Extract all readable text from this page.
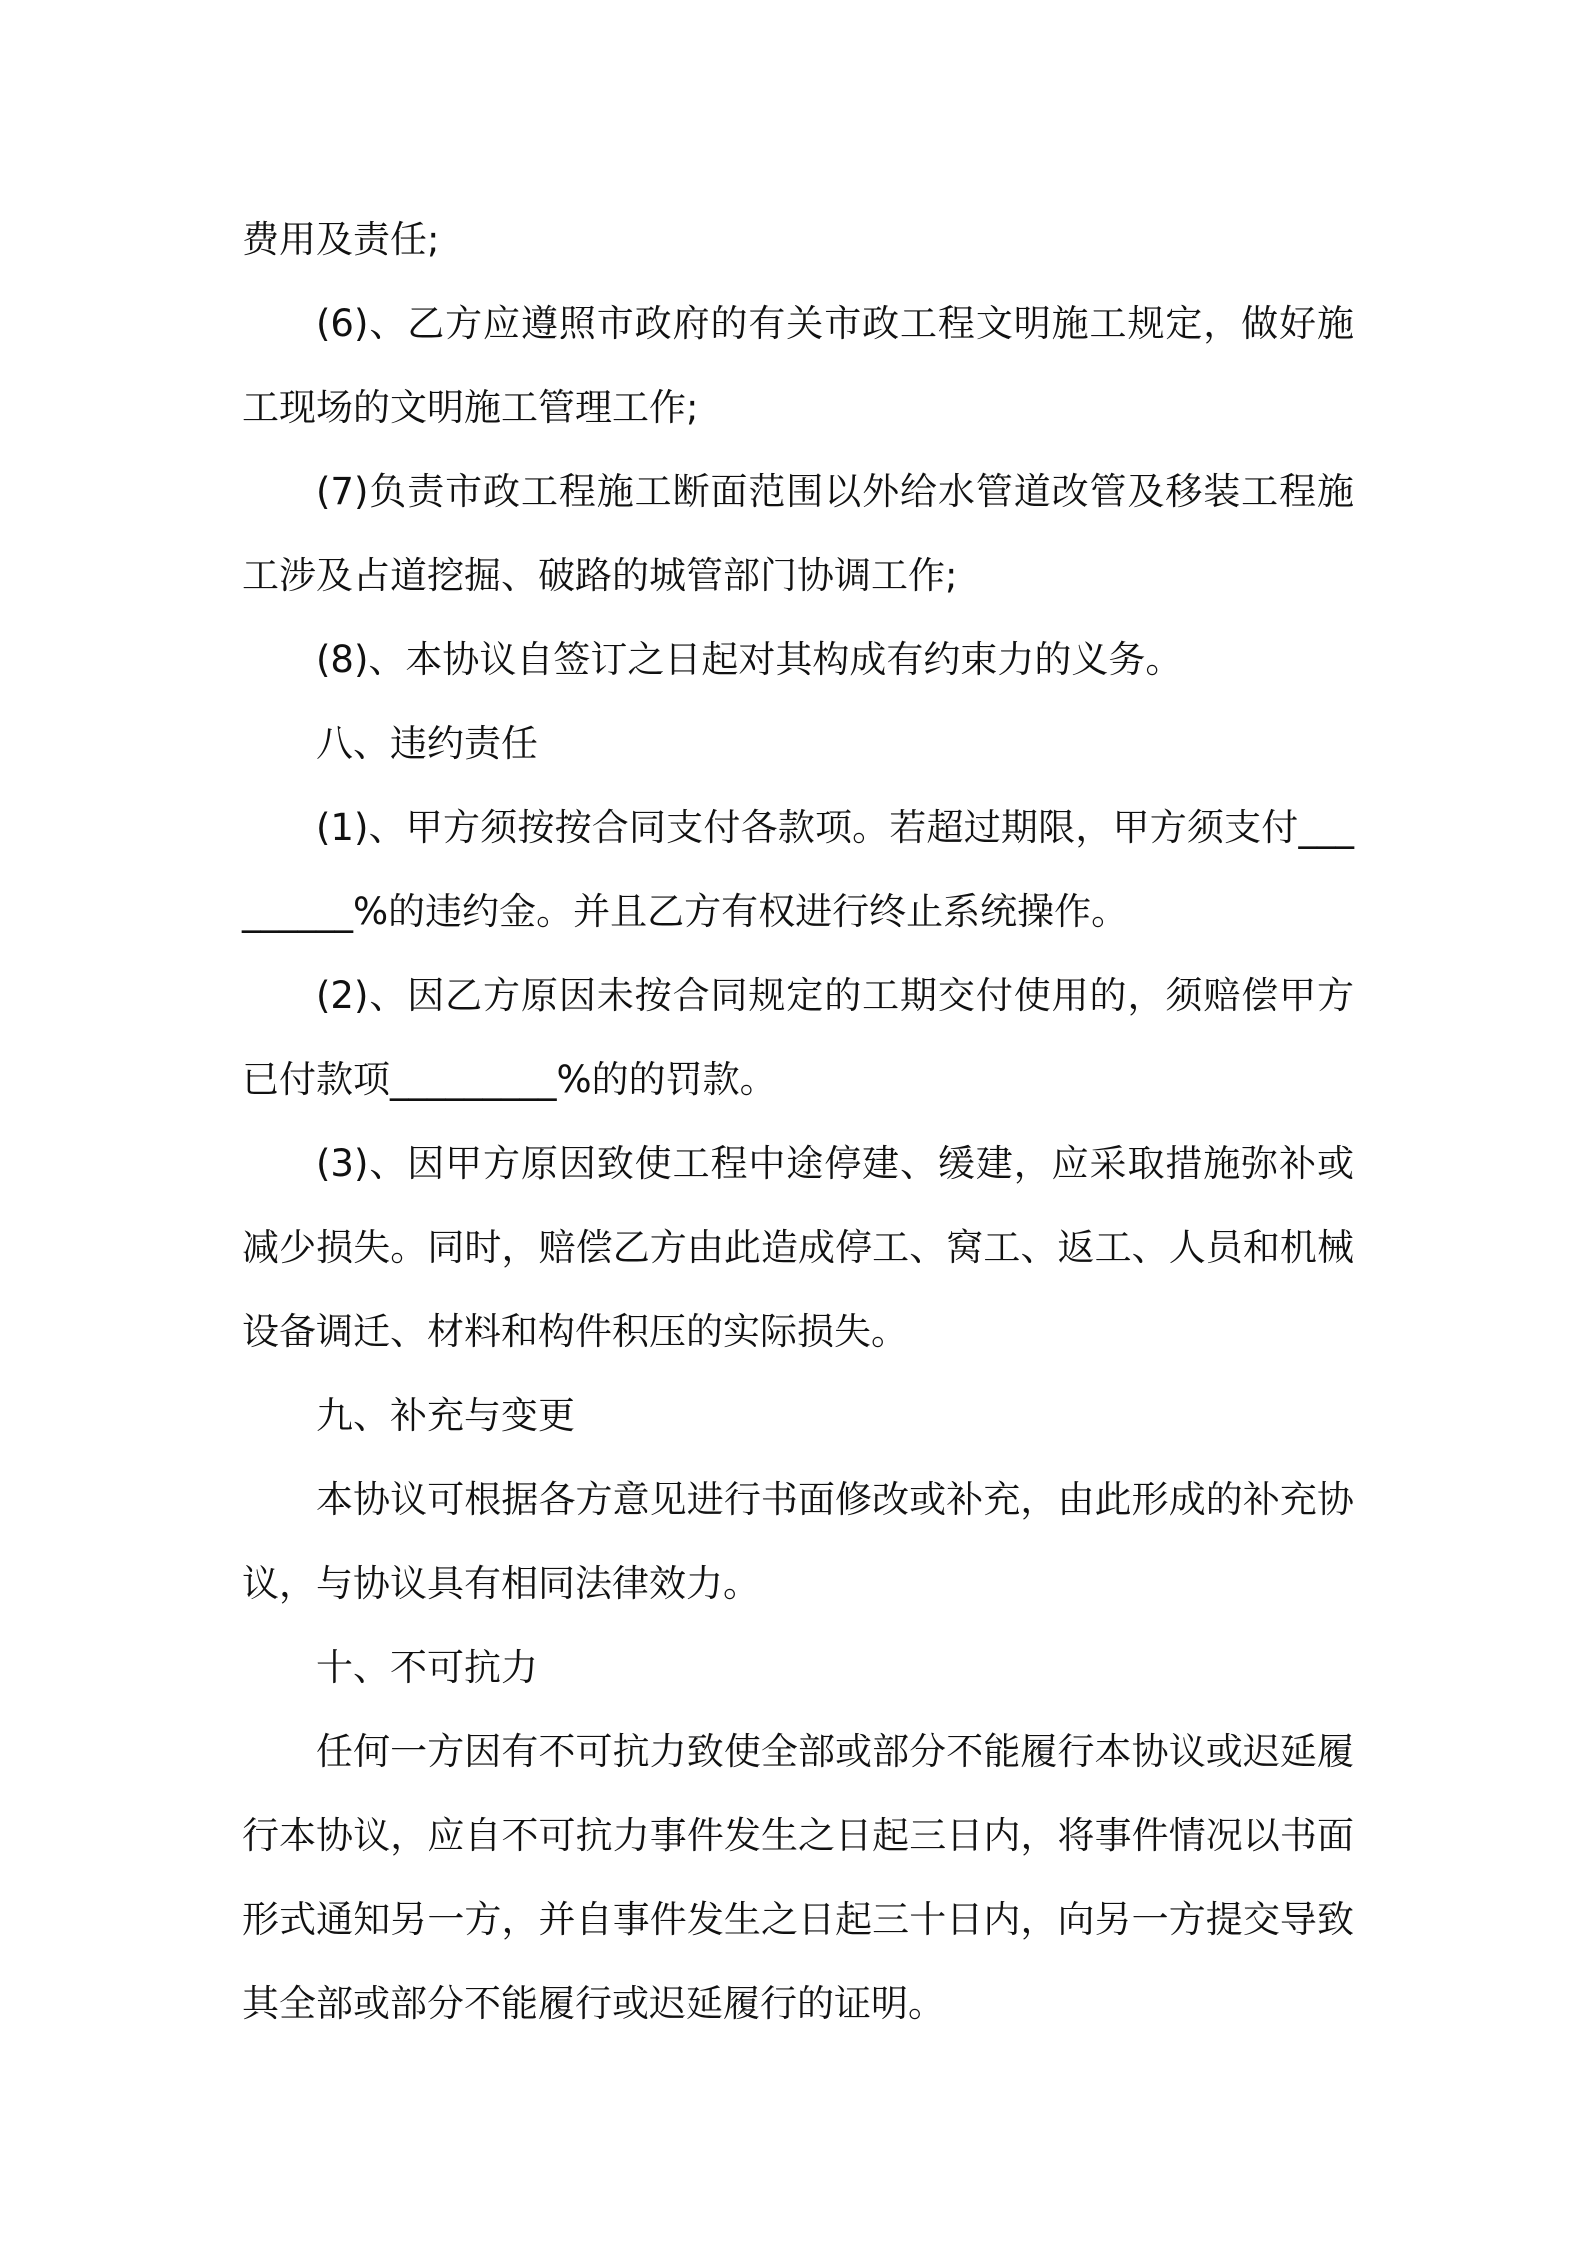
费用及责任;

(6)、乙方应遵照市政府的有关市政工程文明施工规定，做好施工现场的文明施工管理工作;

(7)负责市政工程施工断面范围以外给水管道改管及移装工程施工涉及占道挖掘、破路的城管部门协调工作;

(8)、本协议自签订之日起对其构成有约束力的义务。

八、违约责任

(1)、甲方须按按合同支付各款项。若超过期限，甲方须支付_________%的违约金。并且乙方有权进行终止系统操作。

(2)、因乙方原因未按合同规定的工期交付使用的，须赔偿甲方已付款项_________%的的罚款。

(3)、因甲方原因致使工程中途停建、缓建，应采取措施弥补或减少损失。同时，赔偿乙方由此造成停工、窝工、返工、人员和机械设备调迁、材料和构件积压的实际损失。

九、补充与变更

本协议可根据各方意见进行书面修改或补充，由此形成的补充协议，与协议具有相同法律效力。

十、不可抗力

任何一方因有不可抗力致使全部或部分不能履行本协议或迟延履行本协议，应自不可抗力事件发生之日起三日内，将事件情况以书面形式通知另一方，并自事件发生之日起三十日内，向另一方提交导致其全部或部分不能履行或迟延履行的证明。
